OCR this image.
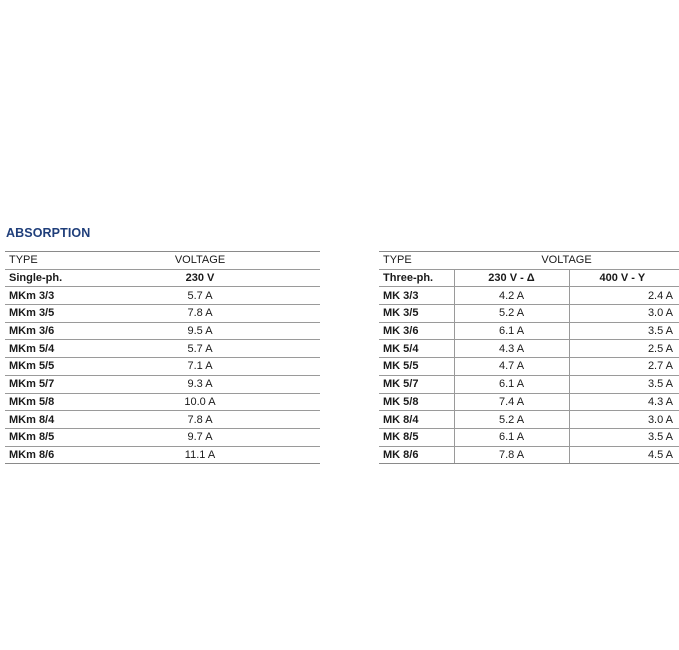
ABSORPTION
TYPE	VOLTAGE
Single-ph.	230 V
MKm 3/3	5.7 A
MKm 3/5	7.8 A
MKm 3/6	9.5 A
MKm 5/4	5.7 A
MKm 5/5	7.1 A
MKm 5/7	9.3 A
MKm 5/8	10.0 A
MKm 8/4	7.8 A
MKm 8/5	9.7 A
MKm 8/6	11.1 A
TYPE	VOLTAGE	
Three-ph.	230 V - Δ	400 V - Y
MK 3/3	4.2 A	2.4 A
MK 3/5	5.2 A	3.0 A
MK 3/6	6.1 A	3.5 A
MK 5/4	4.3 A	2.5 A
MK 5/5	4.7 A	2.7 A
MK 5/7	6.1 A	3.5 A
MK 5/8	7.4 A	4.3 A
MK 8/4	5.2 A	3.0 A
MK 8/5	6.1 A	3.5 A
MK 8/6	7.8 A	4.5 A
